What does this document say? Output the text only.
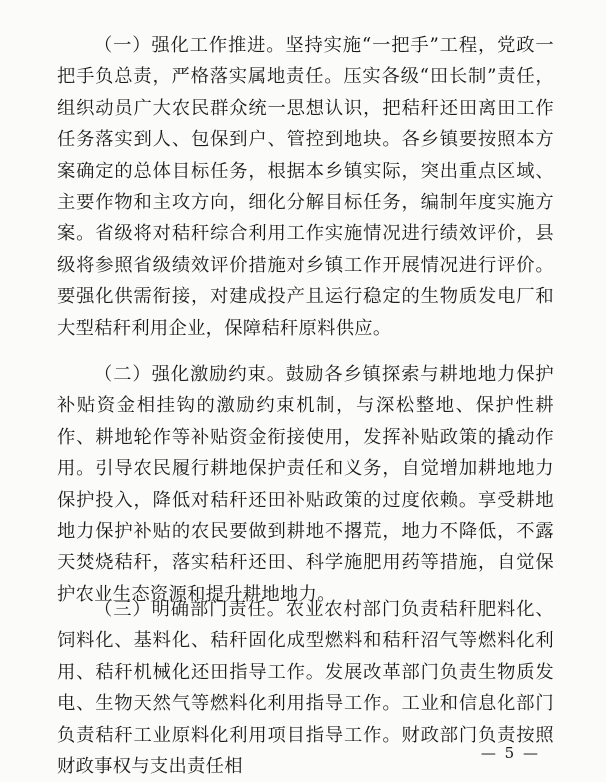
（一）强化工作推进。坚持实施“一把手”工程，党政一把手负总责，严格落实属地责任。压实各级“田长制”责任，组织动员广大农民群众统一思想认识，把秸秆还田离田工作任务落实到人、包保到户、管控到地块。各乡镇要按照本方案确定的总体目标任务，根据本乡镇实际，突出重点区域、主要作物和主攻方向，细化分解目标任务，编制年度实施方案。省级将对秸秆综合利用工作实施情况进行绩效评价，县级将参照省级绩效评价措施对乡镇工作开展情况进行评价。要强化供需衔接，对建成投产且运行稳定的生物质发电厂和大型秸秆利用企业，保障秸秆原料供应。

（二）强化激励约束。鼓励各乡镇探索与耕地地力保护补贴资金相挂钩的激励约束机制，与深松整地、保护性耕作、耕地轮作等补贴资金衔接使用，发挥补贴政策的撬动作用。引导农民履行耕地保护责任和义务，自觉增加耕地地力保护投入，降低对秸秆还田补贴政策的过度依赖。享受耕地地力保护补贴的农民要做到耕地不撂荒，地力不降低，不露天焚烧秸秆，落实秸秆还田、科学施肥用药等措施，自觉保护农业生态资源和提升耕地地力。

（三）明确部门责任。农业农村部门负责秸秆肥料化、饲料化、基料化、秸秆固化成型燃料和秸秆沼气等燃料化利用、秸秆机械化还田指导工作。发展改革部门负责生物质发电、生物天然气等燃料化利用指导工作。工业和信息化部门负责秸秆工业原料化利用项目指导工作。财政部门负责按照财政事权与支出责任相

— 5 —
